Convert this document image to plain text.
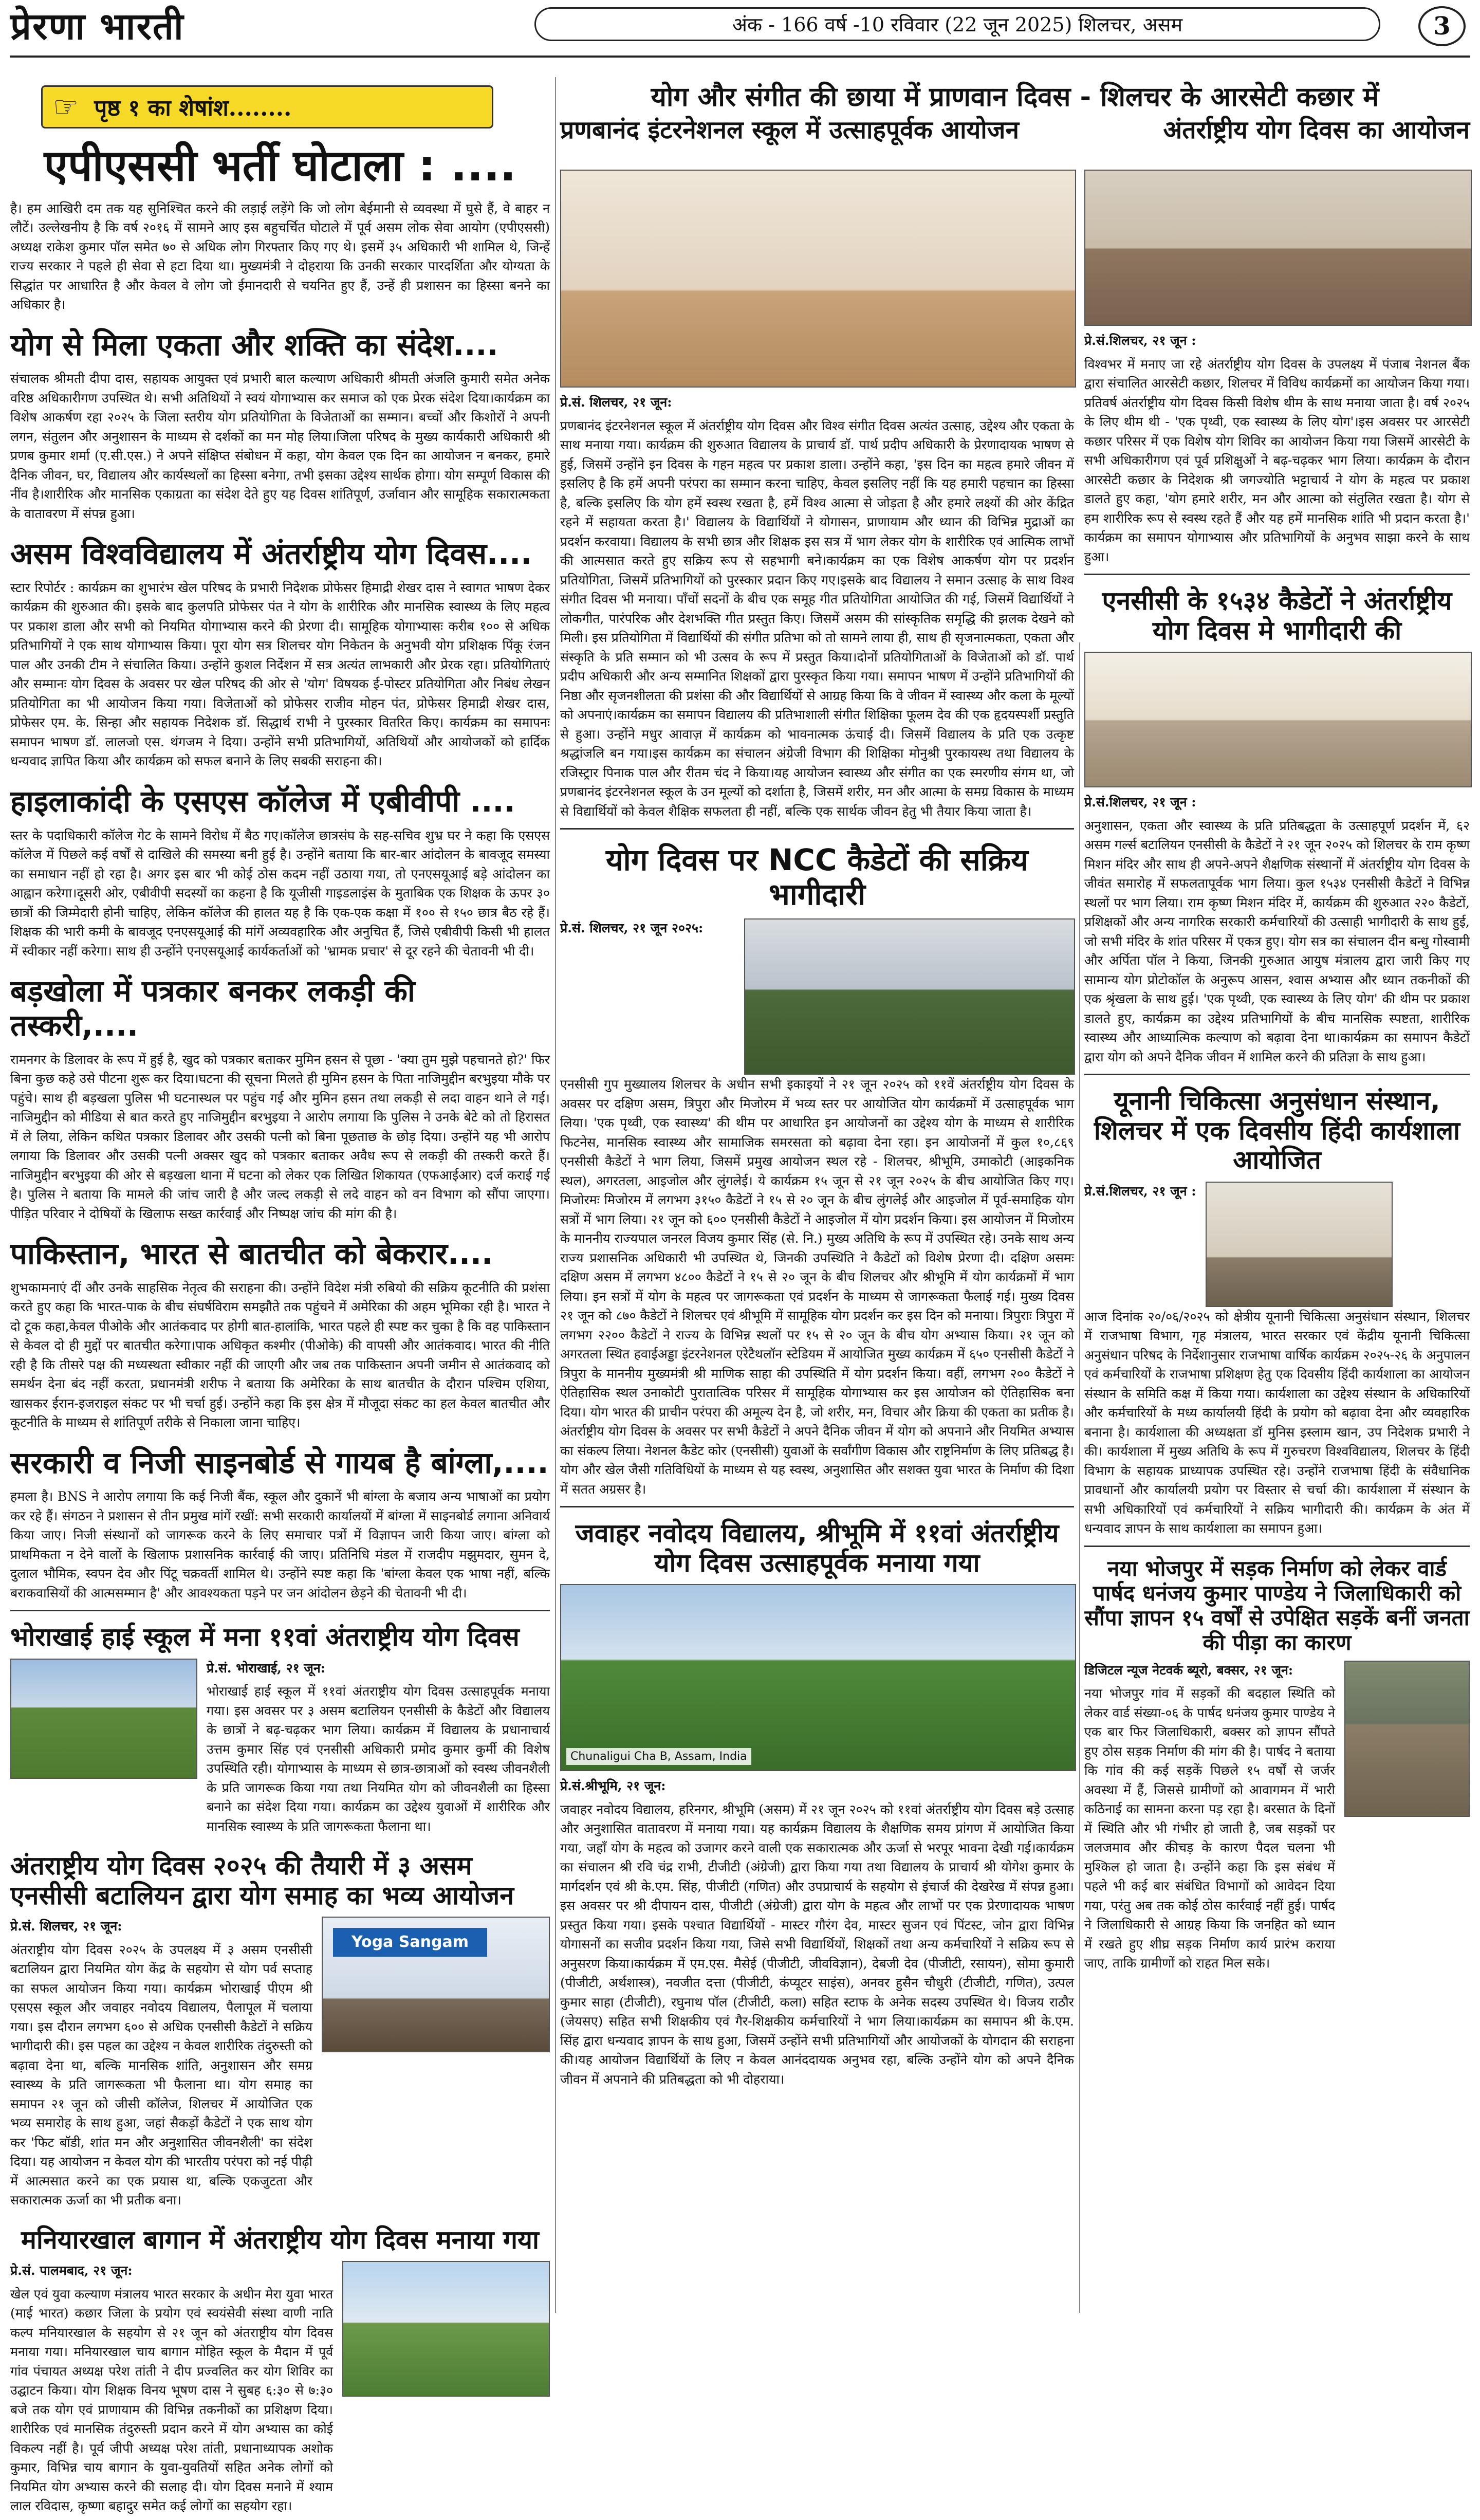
प्रेरणा भारती	अंक - 166 वर्ष -10 रविवार (22 जून 2025) शिलचर, असम	3
☞ पृष्ठ १ का शेषांश........
एपीएससी भर्ती घोटाला : ....

है। हम आखिरी दम तक यह सुनिश्चित करने की लड़ाई लड़ेंगे कि जो लोग बेईमानी से व्यवस्था में घुसे हैं, वे बाहर न लौटें। उल्लेखनीय है कि वर्ष २०१६ में सामने आए इस बहुचर्चित घोटाले में पूर्व असम लोक सेवा आयोग (एपीएससी) अध्यक्ष राकेश कुमार पॉल समेत ७० से अधिक लोग गिरफ्तार किए गए थे। इसमें ३५ अधिकारी भी शामिल थे, जिन्हें राज्य सरकार ने पहले ही सेवा से हटा दिया था। मुख्यमंत्री ने दोहराया कि उनकी सरकार पारदर्शिता और योग्यता के सिद्धांत पर आधारित है और केवल वे लोग जो ईमानदारी से चयनित हुए हैं, उन्हें ही प्रशासन का हिस्सा बनने का अधिकार है।

योग से मिला एकता और शक्ति का संदेश....

संचालक श्रीमती दीपा दास, सहायक आयुक्त एवं प्रभारी बाल कल्याण अधिकारी श्रीमती अंजलि कुमारी समेत अनेक वरिष्ठ अधिकारीगण उपस्थित थे। सभी अतिथियों ने स्वयं योगाभ्यास कर समाज को एक प्रेरक संदेश दिया।कार्यक्रम का विशेष आकर्षण रहा २०२५ के जिला स्तरीय योग प्रतियोगिता के विजेताओं का सम्मान। बच्चों और किशोरों ने अपनी लगन, संतुलन और अनुशासन के माध्यम से दर्शकों का मन मोह लिया।जिला परिषद के मुख्य कार्यकारी अधिकारी श्री प्रणब कुमार शर्मा (ए.सी.एस.) ने अपने संक्षिप्त संबोधन में कहा, योग केवल एक दिन का आयोजन न बनकर, हमारे दैनिक जीवन, घर, विद्यालय और कार्यस्थलों का हिस्सा बनेगा, तभी इसका उद्देश्य सार्थक होगा। योग सम्पूर्ण विकास की नींव है।शारीरिक और मानसिक एकाग्रता का संदेश देते हुए यह दिवस शांतिपूर्ण, उर्जावान और सामूहिक सकारात्मकता के वातावरण में संपन्न हुआ।

असम विश्वविद्यालय में अंतर्राष्ट्रीय योग दिवस....

स्टार रिपोर्टर : कार्यक्रम का शुभारंभ खेल परिषद के प्रभारी निदेशक प्रोफेसर हिमाद्री शेखर दास ने स्वागत भाषण देकर कार्यक्रम की शुरुआत की। इसके बाद कुलपति प्रोफेसर पंत ने योग के शारीरिक और मानसिक स्वास्थ्य के लिए महत्व पर प्रकाश डाला और सभी को नियमित योगाभ्यास करने की प्रेरणा दी। सामूहिक योगाभ्यासः करीब १०० से अधिक प्रतिभागियों ने एक साथ योगाभ्यास किया। पूरा योग सत्र शिलचर योग निकेतन के अनुभवी योग प्रशिक्षक पिंकू रंजन पाल और उनकी टीम ने संचालित किया। उन्होंने कुशल निर्देशन में सत्र अत्यंत लाभकारी और प्रेरक रहा। प्रतियोगिताएं और सम्मानः योग दिवस के अवसर पर खेल परिषद की ओर से 'योग' विषयक ई-पोस्टर प्रतियोगिता और निबंध लेखन प्रतियोगिता का भी आयोजन किया गया। विजेताओं को प्रोफेसर राजीव मोहन पंत, प्रोफेसर हिमाद्री शेखर दास, प्रोफेसर एम. के. सिन्हा और सहायक निदेशक डॉ. सिद्धार्थ राभी ने पुरस्कार वितरित किए। कार्यक्रम का समापनः समापन भाषण डॉ. लालजो एस. थंगजम ने दिया। उन्होंने सभी प्रतिभागियों, अतिथियों और आयोजकों को हार्दिक धन्यवाद ज्ञापित किया और कार्यक्रम को सफल बनाने के लिए सबकी सराहना की।

हाइलाकांदी के एसएस कॉलेज में एबीवीपी ....

स्तर के पदाधिकारी कॉलेज गेट के सामने विरोध में बैठ गए।कॉलेज छात्रसंघ के सह-सचिव शुभ्र घर ने कहा कि एसएस कॉलेज में पिछले कई वर्षों से दाखिले की समस्या बनी हुई है। उन्होंने बताया कि बार-बार आंदोलन के बावजूद समस्या का समाधान नहीं हो रहा है। अगर इस बार भी कोई ठोस कदम नहीं उठाया गया, तो एनएसयूआई बड़े आंदोलन का आह्वान करेगा।दूसरी ओर, एबीवीपी सदस्यों का कहना है कि यूजीसी गाइडलाइंस के मुताबिक एक शिक्षक के ऊपर ३० छात्रों की जिम्मेदारी होनी चाहिए, लेकिन कॉलेज की हालत यह है कि एक-एक कक्षा में १०० से १५० छात्र बैठ रहे हैं। शिक्षक की भारी कमी के बावजूद एनएसयूआई की मांगें अव्यवहारिक और अनुचित हैं, जिसे एबीवीपी किसी भी हालत में स्वीकार नहीं करेगा। साथ ही उन्होंने एनएसयूआई कार्यकर्ताओं को 'भ्रामक प्रचार' से दूर रहने की चेतावनी भी दी।

बड़खोला में पत्रकार बनकर लकड़ी की तस्करी,....

रामनगर के डिलावर के रूप में हुई है, खुद को पत्रकार बताकर मुमिन हसन से पूछा - 'क्या तुम मुझे पहचानते हो?' फिर बिना कुछ कहे उसे पीटना शुरू कर दिया।घटना की सूचना मिलते ही मुमिन हसन के पिता नाजिमुद्दीन बरभुइया मौके पर पहुंचे। साथ ही बड़खला पुलिस भी घटनास्थल पर पहुंच गई और मुमिन हसन तथा लकड़ी से लदा वाहन थाने ले गई।नाजिमुद्दीन को मीडिया से बात करते हुए नाजिमुद्दीन बरभुइया ने आरोप लगाया कि पुलिस ने उनके बेटे को तो हिरासत में ले लिया, लेकिन कथित पत्रकार डिलावर और उसकी पत्नी को बिना पूछताछ के छोड़ दिया। उन्होंने यह भी आरोप लगाया कि डिलावर और उसकी पत्नी अक्सर खुद को पत्रकार बताकर अवैध रूप से लकड़ी की तस्करी करते हैं।नाजिमुद्दीन बरभुइया की ओर से बड़खला थाना में घटना को लेकर एक लिखित शिकायत (एफआईआर) दर्ज कराई गई है। पुलिस ने बताया कि मामले की जांच जारी है और जल्द लकड़ी से लदे वाहन को वन विभाग को सौंपा जाएगा। पीड़ित परिवार ने दोषियों के खिलाफ सख्त कार्रवाई और निष्पक्ष जांच की मांग की है।

पाकिस्तान, भारत से बातचीत को बेकरार....

शुभकामनाएं दीं और उनके साहसिक नेतृत्व की सराहना की। उन्होंने विदेश मंत्री रुबियो की सक्रिय कूटनीति की प्रशंसा करते हुए कहा कि भारत-पाक के बीच संघर्षविराम समझौते तक पहुंचने में अमेरिका की अहम भूमिका रही है। भारत ने दो टूक कहा,केवल पीओके और आतंकवाद पर होगी बात-हालांकि, भारत पहले ही स्पष्ट कर चुका है कि वह पाकिस्तान से केवल दो ही मुद्दों पर बातचीत करेगा।पाक अधिकृत कश्मीर (पीओके) की वापसी और आतंकवाद। भारत की नीति रही है कि तीसरे पक्ष की मध्यस्थता स्वीकार नहीं की जाएगी और जब तक पाकिस्तान अपनी जमीन से आतंकवाद को समर्थन देना बंद नहीं करता, प्रधानमंत्री शरीफ ने बताया कि अमेरिका के साथ बातचीत के दौरान पश्चिम एशिया, खासकर ईरान-इजराइल संकट पर भी चर्चा हुई। उन्होंने कहा कि इस क्षेत्र में मौजूदा संकट का हल केवल बातचीत और कूटनीति के माध्यम से शांतिपूर्ण तरीके से निकाला जाना चाहिए।

सरकारी व निजी साइनबोर्ड से गायब है बांग्ला,....

हमला है। BNS ने आरोप लगाया कि कई निजी बैंक, स्कूल और दुकानें भी बांग्ला के बजाय अन्य भाषाओं का प्रयोग कर रहे हैं। संगठन ने प्रशासन से तीन प्रमुख मांगें रखीं: सभी सरकारी कार्यालयों में बांग्ला में साइनबोर्ड लगाना अनिवार्य किया जाए। निजी संस्थानों को जागरूक करने के लिए समाचार पत्रों में विज्ञापन जारी किया जाए। बांग्ला को प्राथमिकता न देने वालों के खिलाफ प्रशासनिक कार्रवाई की जाए। प्रतिनिधि मंडल में राजदीप मझुमदार, सुमन दे, दुलाल भौमिक, स्वपन देव और पिंटू चक्रवर्ती शामिल थे। उन्होंने स्पष्ट कहा कि 'बांग्ला केवल एक भाषा नहीं, बल्कि बराकवासियों की आत्मसम्मान है' और आवश्यकता पड़ने पर जन आंदोलन छेड़ने की चेतावनी भी दी।

भोराखाई हाई स्कूल में मना ११वां अंतराष्ट्रीय योग दिवस

प्रे.सं. भोराखाई, २१ जून:

भोराखाई हाई स्कूल में ११वां अंतराष्ट्रीय योग दिवस उत्साहपूर्वक मनाया गया। इस अवसर पर ३ असम बटालियन एनसीसी के कैडेटों और विद्यालय के छात्रों ने बढ़-चढ़कर भाग लिया। कार्यक्रम में विद्यालय के प्रधानाचार्य उत्तम कुमार सिंह एवं एनसीसी अधिकारी प्रमोद कुमार कुर्मी की विशेष उपस्थिति रही। योगाभ्यास के माध्यम से छात्र-छात्राओं को स्वस्थ जीवनशैली के प्रति जागरूक किया गया तथा नियमित योग को जीवनशैली का हिस्सा बनाने का संदेश दिया गया। कार्यक्रम का उद्देश्य युवाओं में शारीरिक और मानसिक स्वास्थ्य के प्रति जागरूकता फैलाना था।

अंतराष्ट्रीय योग दिवस २०२५ की तैयारी में ३ असम एनसीसी बटालियन द्वारा योग समाह का भव्य आयोजन

प्रे.सं. शिलचर, २१ जून:

अंतराष्ट्रीय योग दिवस २०२५ के उपलक्ष्य में ३ असम एनसीसी बटालियन द्वारा नियमित योग केंद्र के सहयोग से योग पर्व सप्ताह का सफल आयोजन किया गया। कार्यक्रम भोराखाई पीएम श्री एसएस स्कूल और जवाहर नवोदय विद्यालय, पैलापूल में चलाया गया। इस दौरान लगभग ६०० से अधिक एनसीसी कैडेटों ने सक्रिय भागीदारी की। इस पहल का उद्देश्य न केवल शारीरिक तंदुरुस्ती को बढ़ावा देना था, बल्कि मानसिक शांति, अनुशासन और समग्र स्वास्थ्य के प्रति जागरूकता भी फैलाना था। योग समाह का समापन २१ जून को जीसी कॉलेज, शिलचर में आयोजित एक भव्य समारोह के साथ हुआ, जहां सैकड़ों कैडेटों ने एक साथ योग कर 'फिट बॉडी, शांत मन और अनुशासित जीवनशैली' का संदेश दिया। यह आयोजन न केवल योग की भारतीय परंपरा को नई पीढ़ी में आत्मसात करने का एक प्रयास था, बल्कि एकजुटता और सकारात्मक ऊर्जा का भी प्रतीक बना।

Yoga Sangam
मनियारखाल बागान में अंतराष्ट्रीय योग दिवस मनाया गया

प्रे.सं. पालमबाद, २१ जून:

खेल एवं युवा कल्याण मंत्रालय भारत सरकार के अधीन मेरा युवा भारत (माई भारत) कछार जिला के प्रयोग एवं स्वयंसेवी संस्था वाणी नाति कल्प मनियारखाल के सहयोग से २१ जून को अंतराष्ट्रीय योग दिवस मनाया गया। मनियारखाल चाय बागान मोहित स्कूल के मैदान में पूर्व गांव पंचायत अध्यक्ष परेश तांती ने दीप प्रज्वलित कर योग शिविर का उद्घाटन किया। योग शिक्षक विनय भूषण दास ने सुबह ६:३० से ७:३० बजे तक योग एवं प्राणायाम की विभिन्न तकनीकों का प्रशिक्षण दिया। शारीरिक एवं मानसिक तंदुरुस्ती प्रदान करने में योग अभ्यास का कोई विकल्प नहीं है। पूर्व जीपी अध्यक्ष परेश तांती, प्रधानाध्यापक अशोक कुमार, विभिन्न चाय बागान के युवा-युवतियों सहित अनेक लोगों को नियमित योग अभ्यास करने की सलाह दी। योग दिवस मनाने में श्याम लाल रविदास, कृष्णा बहादुर समेत कई लोगों का सहयोग रहा।

योग और संगीत की छाया में प्राणवान दिवस - शिलचर के आरसेटी कछार में
प्रणबानंद इंटरनेशनल स्कूल में उत्साहपूर्वक आयोजन	अंतर्राष्ट्रीय योग दिवस का आयोजन

प्रे.सं. शिलचर, २१ जून:

प्रणबानंद इंटरनेशनल स्कूल में अंतर्राष्ट्रीय योग दिवस और विश्व संगीत दिवस अत्यंत उत्साह, उद्देश्य और एकता के साथ मनाया गया। कार्यक्रम की शुरुआत विद्यालय के प्राचार्य डॉ. पार्थ प्रदीप अधिकारी के प्रेरणादायक भाषण से हुई, जिसमें उन्होंने इन दिवस के गहन महत्व पर प्रकाश डाला। उन्होंने कहा, 'इस दिन का महत्व हमारे जीवन में इसलिए है कि हमें अपनी परंपरा का सम्मान करना चाहिए, केवल इसलिए नहीं कि यह हमारी पहचान का हिस्सा है, बल्कि इसलिए कि योग हमें स्वस्थ रखता है, हमें विश्व आत्मा से जोड़ता है और हमारे लक्ष्यों की ओर केंद्रित रहने में सहायता करता है।' विद्यालय के विद्यार्थियों ने योगासन, प्राणायाम और ध्यान की विभिन्न मुद्राओं का प्रदर्शन करवाया। विद्यालय के सभी छात्र और शिक्षक इस सत्र में भाग लेकर योग के शारीरिक एवं आत्मिक लाभों की आत्मसात करते हुए सक्रिय रूप से सहभागी बने।कार्यक्रम का एक विशेष आकर्षण योग पर प्रदर्शन प्रतियोगिता, जिसमें प्रतिभागियों को पुरस्कार प्रदान किए गए।इसके बाद विद्यालय ने समान उत्साह के साथ विश्व संगीत दिवस भी मनाया। पाँचों सदनों के बीच एक समूह गीत प्रतियोगिता आयोजित की गई, जिसमें विद्यार्थियों ने लोकगीत, पारंपरिक और देशभक्ति गीत प्रस्तुत किए। जिसमें असम की सांस्कृतिक समृद्धि की झलक देखने को मिली। इस प्रतियोगिता में विद्यार्थियों की संगीत प्रतिभा को तो सामने लाया ही, साथ ही सृजनात्मकता, एकता और संस्कृति के प्रति सम्मान को भी उत्सव के रूप में प्रस्तुत किया।दोनों प्रतियोगिताओं के विजेताओं को डॉ. पार्थ प्रदीप अधिकारी और अन्य सम्मानित शिक्षकों द्वारा पुरस्कृत किया गया। समापन भाषण में उन्होंने प्रतिभागियों की निष्ठा और सृजनशीलता की प्रशंसा की और विद्यार्थियों से आग्रह किया कि वे जीवन में स्वास्थ्य और कला के मूल्यों को अपनाएं।कार्यक्रम का समापन विद्यालय की प्रतिभाशाली संगीत शिक्षिका फूलम देव की एक हृदयस्पर्शी प्रस्तुति से हुआ। उन्होंने मधुर आवाज़ में कार्यक्रम को भावनात्मक ऊंचाई दी। जिसमें विद्यालय के प्रति एक उत्कृष्ट श्रद्धांजलि बन गया।इस कार्यक्रम का संचालन अंग्रेजी विभाग की शिक्षिका मोनुश्री पुरकायस्थ तथा विद्यालय के रजिस्ट्रार पिनाक पाल और रीतम चंद ने किया।यह आयोजन स्वास्थ्य और संगीत का एक स्मरणीय संगम था, जो प्रणबानंद इंटरनेशनल स्कूल के उन मूल्यों को दर्शाता है, जिसमें शरीर, मन और आत्मा के समग्र विकास के माध्यम से विद्यार्थियों को केवल शैक्षिक सफलता ही नहीं, बल्कि एक सार्थक जीवन हेतु भी तैयार किया जाता है।

योग दिवस पर NCC कैडेटों की सक्रिय भागीदारी

प्रे.सं. शिलचर, २१ जून २०२५:

एनसीसी गुप मुख्यालय शिलचर के अधीन सभी इकाइयों ने २१ जून २०२५ को ११वें अंतर्राष्ट्रीय योग दिवस के अवसर पर दक्षिण असम, त्रिपुरा और मिजोरम में भव्य स्तर पर आयोजित योग कार्यक्रमों में उत्साहपूर्वक भाग लिया। 'एक पृथ्वी, एक स्वास्थ्य' की थीम पर आधारित इन आयोजनों का उद्देश्य योग के माध्यम से शारीरिक फिटनेस, मानसिक स्वास्थ्य और सामाजिक समरसता को बढ़ावा देना रहा। इन आयोजनों में कुल १०,८६९ एनसीसी कैडेटों ने भाग लिया, जिसमें प्रमुख आयोजन स्थल रहे - शिलचर, श्रीभूमि, उमाकोटी (आइकनिक स्थल), अगरतला, आइजोल और लुंगलेई। ये कार्यक्रम १५ जून से २१ जून २०२५ के बीच आयोजित किए गए। मिजोरमः मिजोरम में लगभग ३१५० कैडेटों ने १५ से २० जून के बीच लुंगलेई और आइजोल में पूर्व-समाहिक योग सत्रों में भाग लिया। २१ जून को ६०० एनसीसी कैडेटों ने आइजोल में योग प्रदर्शन किया। इस आयोजन में मिजोरम के माननीय राज्यपाल जनरल विजय कुमार सिंह (से. नि.) मुख्य अतिथि के रूप में उपस्थित रहे। उनके साथ अन्य राज्य प्रशासनिक अधिकारी भी उपस्थित थे, जिनकी उपस्थिति ने कैडेटों को विशेष प्रेरणा दी। दक्षिण असमः दक्षिण असम में लगभग ४८०० कैडेटों ने १५ से २० जून के बीच शिलचर और श्रीभूमि में योग कार्यक्रमों में भाग लिया। इन सत्रों में योग के महत्व पर जागरूकता एवं प्रदर्शन के माध्यम से जागरूकता फैलाई गई। मुख्य दिवस २१ जून को ८७० कैडेटों ने शिलचर एवं श्रीभूमि में सामूहिक योग प्रदर्शन कर इस दिन को मनाया। त्रिपुराः त्रिपुरा में लगभग २२०० कैडेटों ने राज्य के विभिन्न स्थलों पर १५ से २० जून के बीच योग अभ्यास किया। २१ जून को अगरतला स्थित हवाईअड्डा इंटरनेशनल एरेटैथलॉन स्टेडियम में आयोजित मुख्य कार्यक्रम में ६५० एनसीसी कैडेटों ने त्रिपुरा के माननीय मुख्यमंत्री श्री माणिक साहा की उपस्थिति में योग प्रदर्शन किया। वहीं, लगभग २०० कैडेटों ने ऐतिहासिक स्थल उनाकोटी पुरातात्विक परिसर में सामूहिक योगाभ्यास कर इस आयोजन को ऐतिहासिक बना दिया। योग भारत की प्राचीन परंपरा की अमूल्य देन है, जो शरीर, मन, विचार और क्रिया की एकता का प्रतीक है। अंतर्राष्ट्रीय योग दिवस के अवसर पर सभी कैडेटों ने अपने दैनिक जीवन में योग को अपनाने और नियमित अभ्यास का संकल्प लिया। नेशनल कैडेट कोर (एनसीसी) युवाओं के सर्वांगीण विकास और राष्ट्रनिर्माण के लिए प्रतिबद्ध है। योग और खेल जैसी गतिविधियों के माध्यम से यह स्वस्थ, अनुशासित और सशक्त युवा भारत के निर्माण की दिशा में सतत अग्रसर है।

जवाहर नवोदय विद्यालय, श्रीभूमि में ११वां अंतर्राष्ट्रीय योग दिवस उत्साहपूर्वक मनाया गया
Chunaligui Cha B, Assam, India

प्रे.सं.श्रीभूमि, २१ जून:

जवाहर नवोदय विद्यालय, हरिनगर, श्रीभूमि (असम) में २१ जून २०२५ को ११वां अंतर्राष्ट्रीय योग दिवस बड़े उत्साह और अनुशासित वातावरण में मनाया गया। यह कार्यक्रम विद्यालय के शैक्षणिक समय प्रांगण में आयोजित किया गया, जहाँ योग के महत्व को उजागर करने वाली एक सकारात्मक और ऊर्जा से भरपूर भावना देखी गई।कार्यक्रम का संचालन श्री रवि चंद्र राभी, टीजीटी (अंग्रेजी) द्वारा किया गया तथा विद्यालय के प्राचार्य श्री योगेश कुमार के मार्गदर्शन एवं श्री के.एम. सिंह, पीजीटी (गणित) और उपप्राचार्य के सहयोग से इंचार्ज की देखरेख में संपन्न हुआ। इस अवसर पर श्री दीपायन दास, पीजीटी (अंग्रेजी) द्वारा योग के महत्व और लाभों पर एक प्रेरणादायक भाषण प्रस्तुत किया गया। इसके पश्चात विद्यार्थियों - मास्टर गौरंग देव, मास्टर सुजन एवं पिंटस्ट, जोन द्वारा विभिन्न योगासनों का सजीव प्रदर्शन किया गया, जिसे सभी विद्यार्थियों, शिक्षकों तथा अन्य कर्मचारियों ने सक्रिय रूप से अनुसरण किया।कार्यक्रम में एम.एस. मैसेई (पीजीटी, जीवविज्ञान), देबजी देव (पीजीटी, रसायन), सोमा कुमारी (पीजीटी, अर्थशास्त्र), नवजीत दत्ता (पीजीटी, कंप्यूटर साइंस), अनवर हुसैन चौधुरी (टीजीटी, गणित), उत्पल कुमार साहा (टीजीटी), रघुनाथ पॉल (टीजीटी, कला) सहित स्टाफ के अनेक सदस्य उपस्थित थे। विजय राठौर (जेयसए) सहित सभी शिक्षकीय एवं गैर-शिक्षकीय कर्मचारियों ने भाग लिया।कार्यक्रम का समापन श्री के.एम. सिंह द्वारा धन्यवाद ज्ञापन के साथ हुआ, जिसमें उन्होंने सभी प्रतिभागियों और आयोजकों के योगदान की सराहना की।यह आयोजन विद्यार्थियों के लिए न केवल आनंददायक अनुभव रहा, बल्कि उन्होंने योग को अपने दैनिक जीवन में अपनाने की प्रतिबद्धता को भी दोहराया।

प्रे.सं.शिलचर, २१ जून :

विश्वभर में मनाए जा रहे अंतर्राष्ट्रीय योग दिवस के उपलक्ष्य में पंजाब नेशनल बैंक द्वारा संचालित आरसेटी कछार, शिलचर में विविध कार्यक्रमों का आयोजन किया गया। प्रतिवर्ष अंतर्राष्ट्रीय योग दिवस किसी विशेष थीम के साथ मनाया जाता है। वर्ष २०२५ के लिए थीम थी - 'एक पृथ्वी, एक स्वास्थ्य के लिए योग'।इस अवसर पर आरसेटी कछार परिसर में एक विशेष योग शिविर का आयोजन किया गया जिसमें आरसेटी के सभी अधिकारीगण एवं पूर्व प्रशिक्षुओं ने बढ़-चढ़कर भाग लिया। कार्यक्रम के दौरान आरसेटी कछार के निदेशक श्री जगज्योति भट्टाचार्य ने योग के महत्व पर प्रकाश डालते हुए कहा, 'योग हमारे शरीर, मन और आत्मा को संतुलित रखता है। योग से हम शारीरिक रूप से स्वस्थ रहते हैं और यह हमें मानसिक शांति भी प्रदान करता है।' कार्यक्रम का समापन योगाभ्यास और प्रतिभागियों के अनुभव साझा करने के साथ हुआ।

एनसीसी के १५३४ कैडेटों ने अंतर्राष्ट्रीय योग दिवस मे भागीदारी की

प्रे.सं.शिलचर, २१ जून :

अनुशासन, एकता और स्वास्थ्य के प्रति प्रतिबद्धता के उत्साहपूर्ण प्रदर्शन में, ६२ असम गर्ल्स बटालियन एनसीसी के कैडेटों ने २१ जून २०२५ को शिलचर के राम कृष्ण मिशन मंदिर और साथ ही अपने-अपने शैक्षणिक संस्थानों में अंतर्राष्ट्रीय योग दिवस के जीवंत समारोह में सफलतापूर्वक भाग लिया। कुल १५३४ एनसीसी कैडेटों ने विभिन्न स्थलों पर भाग लिया। राम कृष्ण मिशन मंदिर में, कार्यक्रम की शुरुआत २२० कैडेटों, प्रशिक्षकों और अन्य नागरिक सरकारी कर्मचारियों की उत्साही भागीदारी के साथ हुई, जो सभी मंदिर के शांत परिसर में एकत्र हुए। योग सत्र का संचालन दीन बन्धु गोस्वामी और अर्पिता पॉल ने किया, जिनकी गुरुआत आयुष मंत्रालय द्वारा जारी किए गए सामान्य योग प्रोटोकॉल के अनुरूप आसन, श्वास अभ्यास और ध्यान तकनीकों की एक श्रृंखला के साथ हुई। 'एक पृथ्वी, एक स्वास्थ्य के लिए योग' की थीम पर प्रकाश डालते हुए, कार्यक्रम का उद्देश्य प्रतिभागियों के बीच मानसिक स्पष्टता, शारीरिक स्वास्थ्य और आध्यात्मिक कल्याण को बढ़ावा देना था।कार्यक्रम का समापन कैडेटों द्वारा योग को अपने दैनिक जीवन में शामिल करने की प्रतिज्ञा के साथ हुआ।

यूनानी चिकित्सा अनुसंधान संस्थान, शिलचर में एक दिवसीय हिंदी कार्यशाला आयोजित

प्रे.सं.शिलचर, २१ जून :

आज दिनांक २०/०६/२०२५ को क्षेत्रीय यूनानी चिकित्सा अनुसंधान संस्थान, शिलचर में राजभाषा विभाग, गृह मंत्रालय, भारत सरकार एवं केंद्रीय यूनानी चिकित्सा अनुसंधान परिषद के निर्देशानुसार राजभाषा वार्षिक कार्यक्रम २०२५-२६ के अनुपालन एवं कर्मचारियों के राजभाषा प्रशिक्षण हेतु एक दिवसीय हिंदी कार्यशाला का आयोजन संस्थान के समिति कक्ष में किया गया। कार्यशाला का उद्देश्य संस्थान के अधिकारियों और कर्मचारियों के मध्य कार्यालयी हिंदी के प्रयोग को बढ़ावा देना और व्यवहारिक बनाना है। कार्यशाला की अध्यक्षता डॉ मुनिस इस्लाम खान, उप निदेशक प्रभारी ने की। कार्यशाला में मुख्य अतिथि के रूप में गुरुचरण विश्वविद्यालय, शिलचर के हिंदी विभाग के सहायक प्राध्यापक उपस्थित रहे। उन्होंने राजभाषा हिंदी के संवैधानिक प्रावधानों और कार्यालयी प्रयोग पर विस्तार से चर्चा की। कार्यशाला में संस्थान के सभी अधिकारियों एवं कर्मचारियों ने सक्रिय भागीदारी की। कार्यक्रम के अंत में धन्यवाद ज्ञापन के साथ कार्यशाला का समापन हुआ।

नया भोजपुर में सड़क निर्माण को लेकर वार्ड पार्षद धनंजय कुमार पाण्डेय ने जिलाधिकारी को सौंपा ज्ञापन १५ वर्षों से उपेक्षित सड़कें बनीं जनता की पीड़ा का कारण

डिजिटल न्यूज नेटवर्क ब्यूरो, बक्सर, २१ जून:

नया भोजपुर गांव में सड़कों की बदहाल स्थिति को लेकर वार्ड संख्या-०६ के पार्षद धनंजय कुमार पाण्डेय ने एक बार फिर जिलाधिकारी, बक्सर को ज्ञापन सौंपते हुए ठोस सड़क निर्माण की मांग की है। पार्षद ने बताया कि गांव की कई सड़कें पिछले १५ वर्षों से जर्जर अवस्था में हैं, जिससे ग्रामीणों को आवागमन में भारी कठिनाई का सामना करना पड़ रहा है। बरसात के दिनों में स्थिति और भी गंभीर हो जाती है, जब सड़कों पर जलजमाव और कीचड़ के कारण पैदल चलना भी मुश्किल हो जाता है। उन्होंने कहा कि इस संबंध में पहले भी कई बार संबंधित विभागों को आवेदन दिया गया, परंतु अब तक कोई ठोस कार्रवाई नहीं हुई। पार्षद ने जिलाधिकारी से आग्रह किया कि जनहित को ध्यान में रखते हुए शीघ्र सड़क निर्माण कार्य प्रारंभ कराया जाए, ताकि ग्रामीणों को राहत मिल सके।
